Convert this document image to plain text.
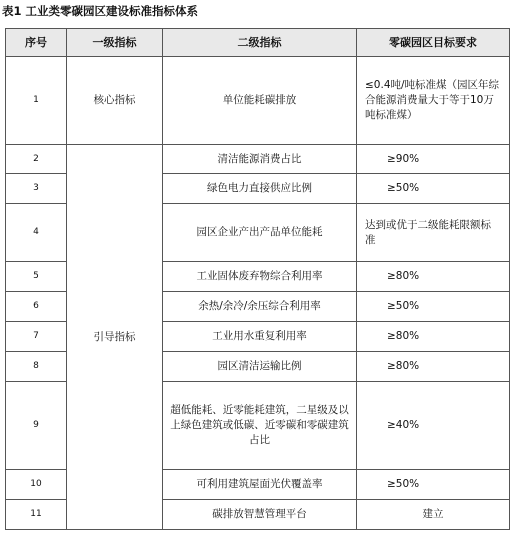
表1 工业类零碳园区建设标准指标体系
序号	一级指标	二级指标	零碳园区目标要求
1	核心指标	单位能耗碳排放	≤0.4吨/吨标准煤（园区年综合能源消费量大于等于10万吨标准煤）
2	引导指标	清洁能源消费占比	≥90%
3		绿色电力直接供应比例	≥50%
4		园区企业产出产品单位能耗	达到或优于二级能耗限额标准
5		工业固体废弃物综合利用率	≥80%
6		余热/余冷/余压综合利用率	≥50%
7		工业用水重复利用率	≥80%
8		园区清洁运输比例	≥80%
9		超低能耗、近零能耗建筑，二星级及以上绿色建筑或低碳、近零碳和零碳建筑占比	≥40%
10		可利用建筑屋面光伏覆盖率	≥50%
11		碳排放智慧管理平台	建立
